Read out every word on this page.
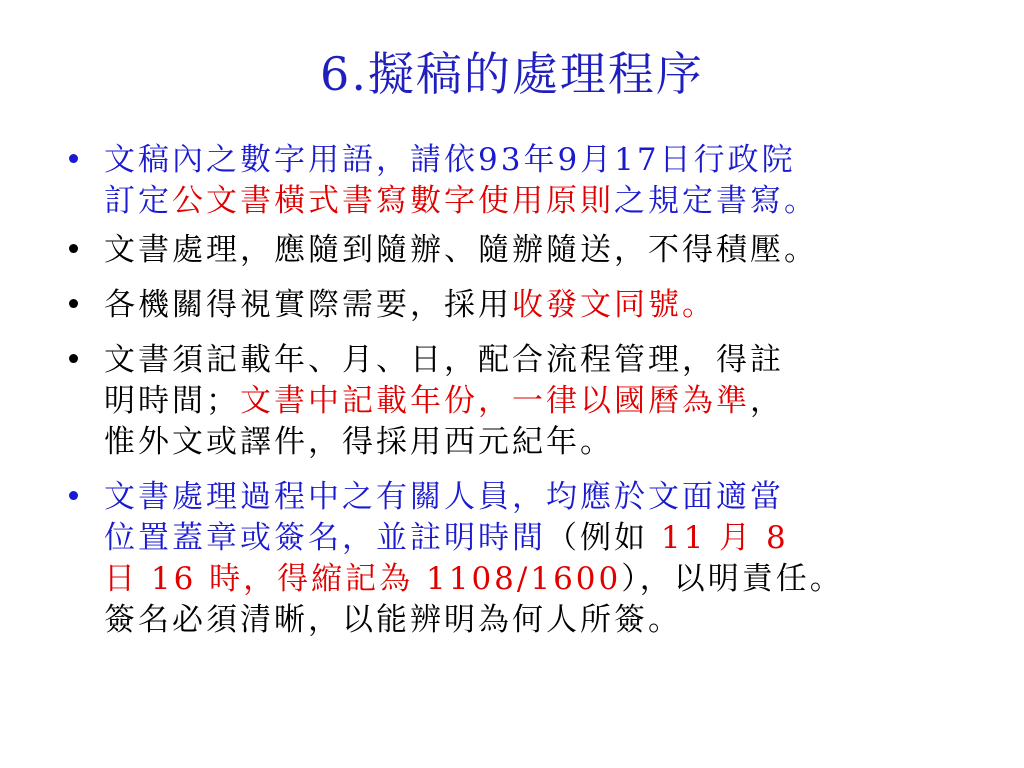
6.擬稿的處理程序
• 文稿內之數字用語，請依93年9月17日行政院
訂定公文書橫式書寫數字使用原則之規定書寫。
• 文書處理，應隨到隨辦、隨辦隨送，不得積壓。
• 各機關得視實際需要，採用收發文同號。
• 文書須記載年、月、日，配合流程管理，得註
明時間；文書中記載年份，一律以國曆為準，
惟外文或譯件，得採用西元紀年。
• 文書處理過程中之有關人員，均應於文面適當
位置蓋章或簽名，並註明時間（例如 11 月 8
日 16 時，得縮記為 1108/1600），以明責任。
簽名必須清晰，以能辨明為何人所簽。
